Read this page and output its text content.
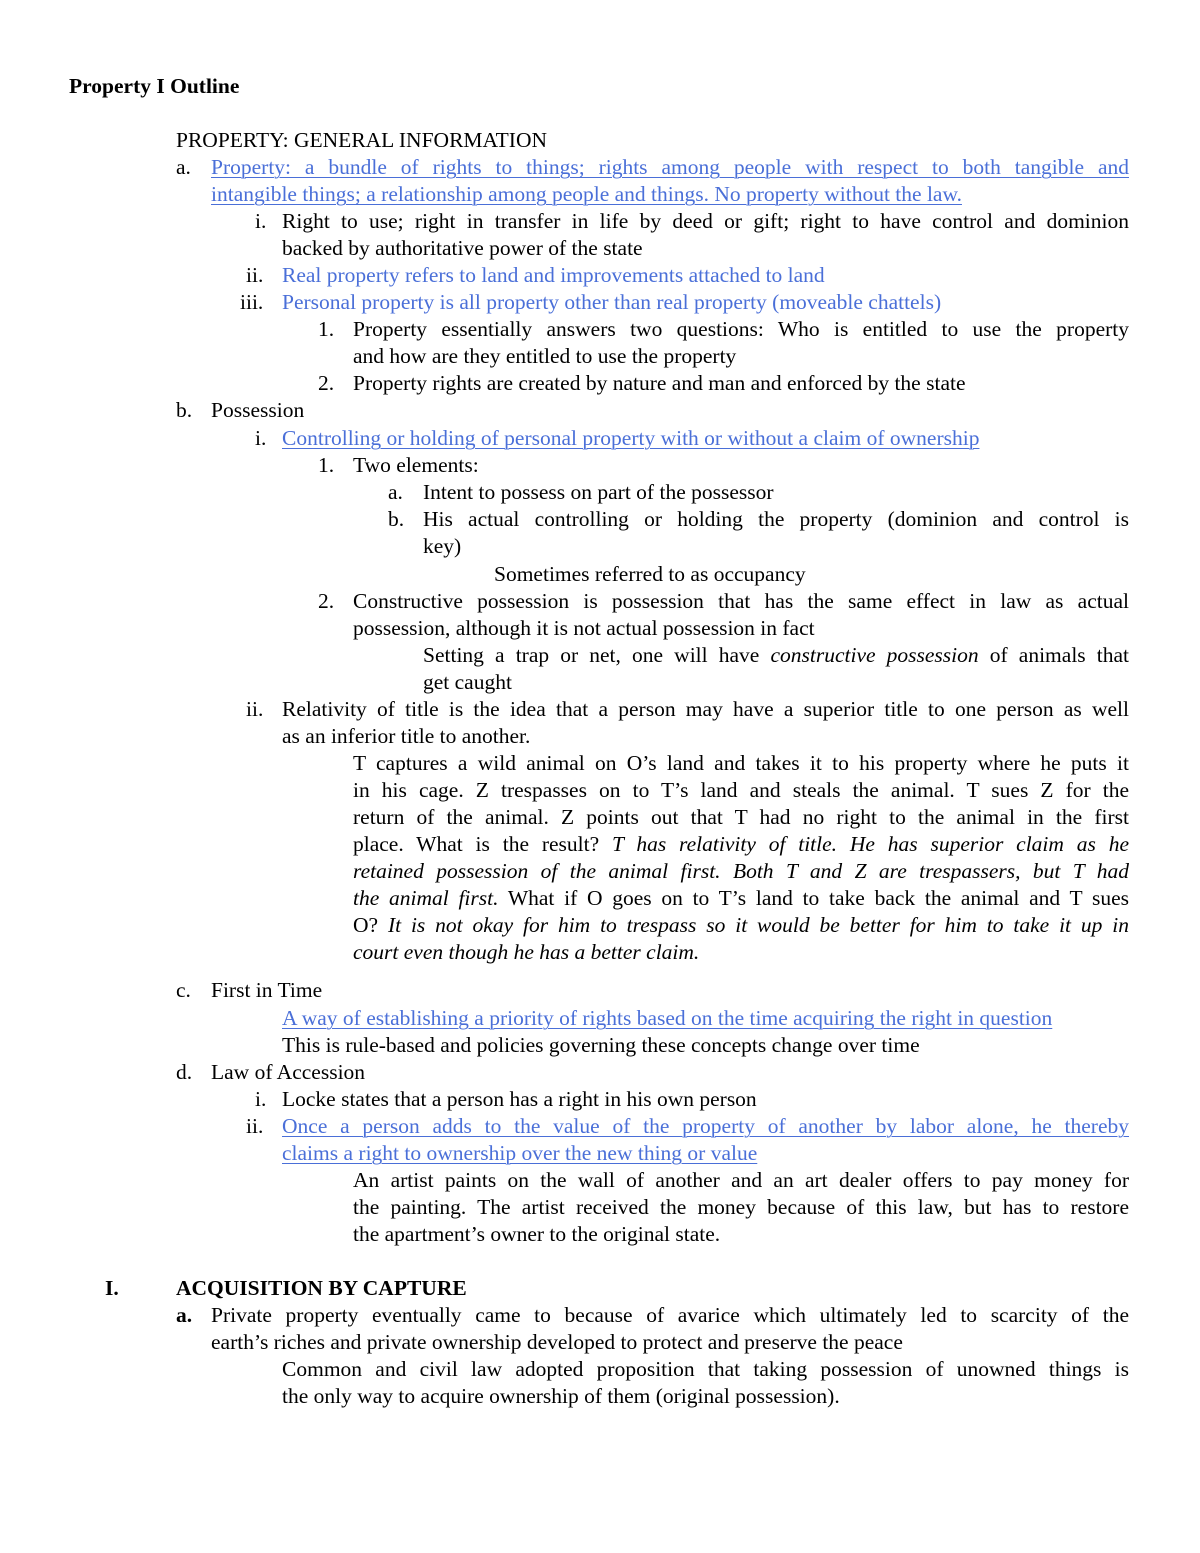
Property I Outline
PROPERTY: GENERAL INFORMATION
a. Property: a bundle of rights to things; rights among people with respect to both tangible and
intangible things; a relationship among people and things. No property without the law.
i. Right to use; right in transfer in life by deed or gift; right to have control and dominion
backed by authoritative power of the state
ii. Real property refers to land and improvements attached to land
iii. Personal property is all property other than real property (moveable chattels)
1. Property essentially answers two questions: Who is entitled to use the property
and how are they entitled to use the property
2. Property rights are created by nature and man and enforced by the state
b. Possession
i. Controlling or holding of personal property with or without a claim of ownership
1. Two elements:
a. Intent to possess on part of the possessor
b. His actual controlling or holding the property (dominion and control is
key)
Sometimes referred to as occupancy
2. Constructive possession is possession that has the same effect in law as actual
possession, although it is not actual possession in fact
Setting a trap or net, one will have constructive possession of animals that
get caught
ii. Relativity of title is the idea that a person may have a superior title to one person as well
as an inferior title to another.
T captures a wild animal on O’s land and takes it to his property where he puts it
in his cage. Z trespasses on to T’s land and steals the animal. T sues Z for the
return of the animal. Z points out that T had no right to the animal in the first
place. What is the result? T has relativity of title. He has superior claim as he
retained possession of the animal first. Both T and Z are trespassers, but T had
the animal first. What if O goes on to T’s land to take back the animal and T sues
O? It is not okay for him to trespass so it would be better for him to take it up in
court even though he has a better claim.
c. First in Time
A way of establishing a priority of rights based on the time acquiring the right in question
This is rule-based and policies governing these concepts change over time
d. Law of Accession
i. Locke states that a person has a right in his own person
ii. Once a person adds to the value of the property of another by labor alone, he thereby
claims a right to ownership over the new thing or value
An artist paints on the wall of another and an art dealer offers to pay money for
the painting. The artist received the money because of this law, but has to restore
the apartment’s owner to the original state.
I.	ACQUISITION BY CAPTURE
a. Private property eventually came to because of avarice which ultimately led to scarcity of the
earth’s riches and private ownership developed to protect and preserve the peace
Common and civil law adopted proposition that taking possession of unowned things is
the only way to acquire ownership of them (original possession).
